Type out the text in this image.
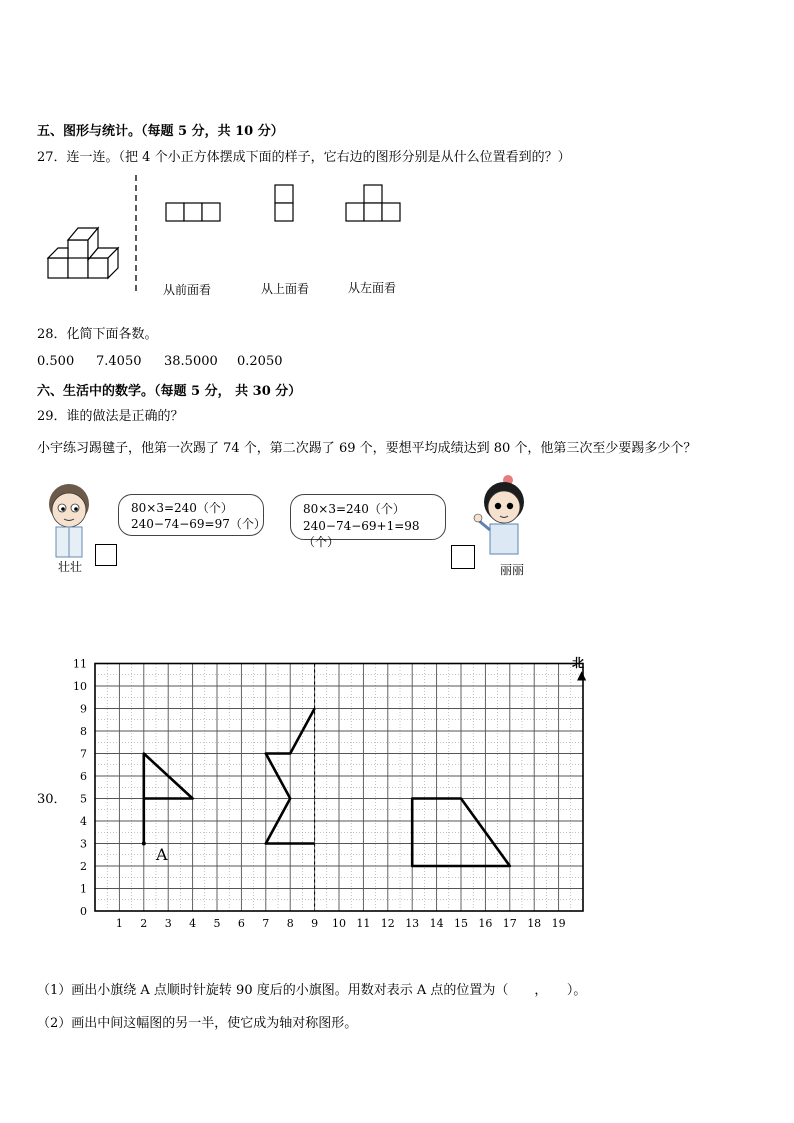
五、图形与统计。（每题 5 分，共 10 分）
27．连一连。（把 4 个小正方体摆成下面的样子，它右边的图形分别是从什么位置看到的？）
从前面看	从上面看	从左面看
28．化简下面各数。
0.500 7.4050 38.5000 0.2050
六、生活中的数学。（每题 5 分， 共 30 分）
29．谁的做法是正确的？
小宇练习踢毽子，他第一次踢了 74 个，第二次踢了 69 个，要想平均成绩达到 80 个，他第三次至少要踢多少个？
壮壮
80×3=240（个）
240−74−69=97（个）
80×3=240（个）
240−74−69+1=98（个）
丽丽
30．
1 2 3 4 5 6 7 8 9 10 11 12 13 14 15 16 17 18 19
0
1
2
3
4
5
6
7
8
9
10
11	北
▲
A
（1）画出小旗绕 A 点顺时针旋转 90 度后的小旗图。用数对表示 A 点的位置为（　　，　　）。
（2）画出中间这幅图的另一半，使它成为轴对称图形。
